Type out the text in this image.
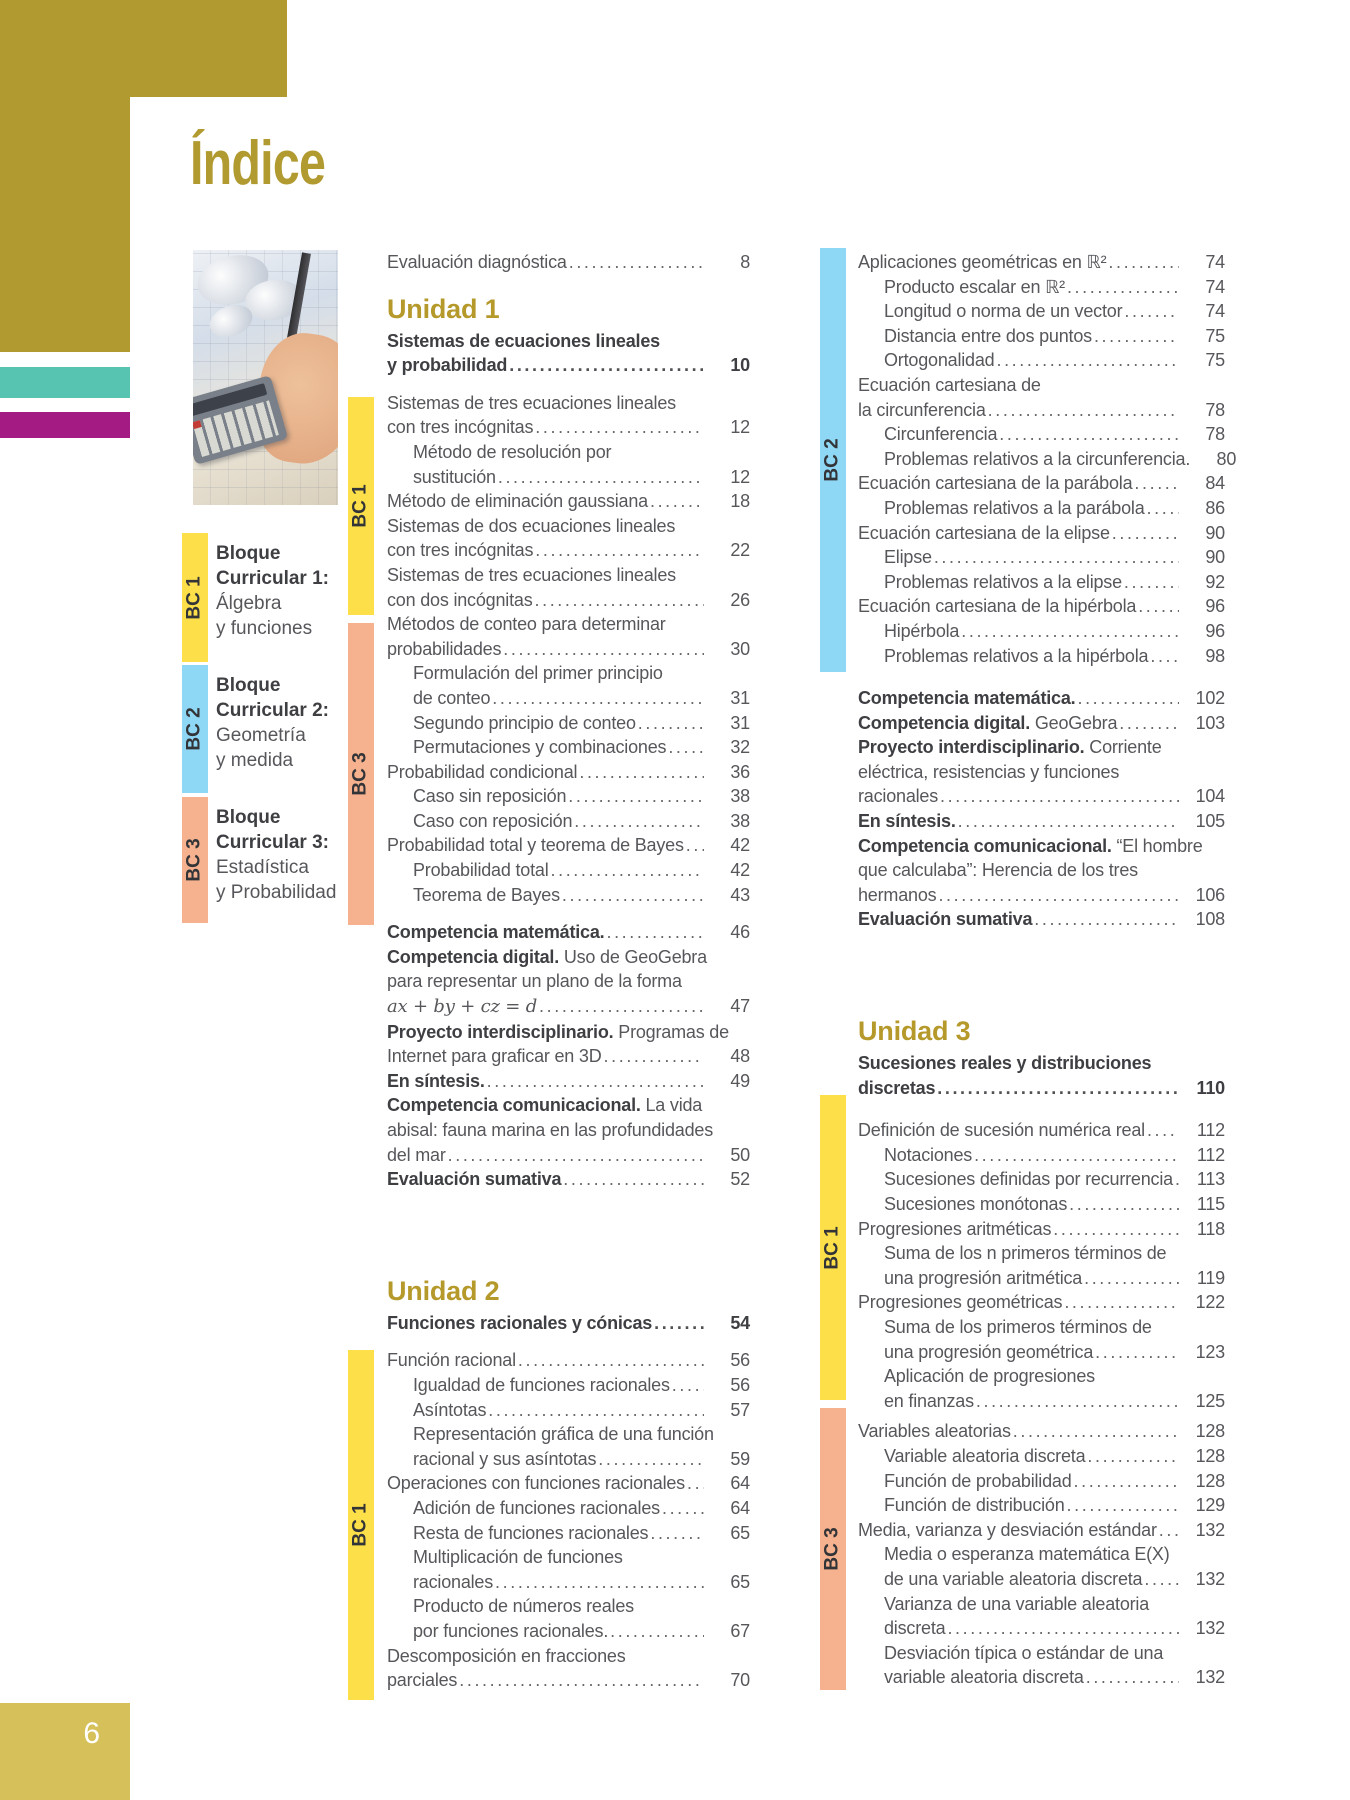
Índice
BC 1
Bloque
Curricular 1:
Álgebra
y funciones
BC 2
Bloque
Curricular 2:
Geometría
y medida
BC 3
Bloque
Curricular 3:
Estadística
y Probabilidad
BC 1
BC 3
BC 1
BC 2
BC 1
BC 3
Evaluación diagnóstica .....	8
Unidad 1
Sistemas de ecuaciones lineales
y probabilidad .....	10
Sistemas de tres ecuaciones lineales
con tres incógnitas .....	12
Método de resolución por
sustitución .....	12
Método de eliminación gaussiana .....	18
Sistemas de dos ecuaciones lineales
con tres incógnitas .....	22
Sistemas de tres ecuaciones lineales
con dos incógnitas .....	26
Métodos de conteo para determinar
probabilidades .....	30
Formulación del primer principio
de conteo .....	31
Segundo principio de conteo .....	31
Permutaciones y combinaciones .....	32
Probabilidad condicional .....	36
Caso sin reposición .....	38
Caso con reposición .....	38
Probabilidad total y teorema de Bayes .....	42
Probabilidad total .....	42
Teorema de Bayes .....	43
Competencia matemática. .....	46
Competencia digital. Uso de GeoGebra
para representar un plano de la forma
ax + by + cz = d .....	47
Proyecto interdisciplinario. Programas de
Internet para graficar en 3D .....	48
En síntesis. .....	49
Competencia comunicacional. La vida
abisal: fauna marina en las profundidades
del mar .....	50
Evaluación sumativa .....	52
Unidad 2
Funciones racionales y cónicas .....	54
Función racional .....	56
Igualdad de funciones racionales .....	56
Asíntotas .....	57
Representación gráfica de una función
racional y sus asíntotas .....	59
Operaciones con funciones racionales .....	64
Adición de funciones racionales .....	64
Resta de funciones racionales .....	65
Multiplicación de funciones
racionales .....	65
Producto de números reales
por funciones racionales. .....	67
Descomposición en fracciones
parciales .....	70
Aplicaciones geométricas en ℝ² .....	74
Producto escalar en ℝ² .....	74
Longitud o norma de un vector .....	74
Distancia entre dos puntos .....	75
Ortogonalidad .....	75
Ecuación cartesiana de
la circunferencia .....	78
Circunferencia .....	78
Problemas relativos a la circunferencia.	80
Ecuación cartesiana de la parábola .....	84
Problemas relativos a la parábola .....	86
Ecuación cartesiana de la elipse .....	90
Elipse .....	90
Problemas relativos a la elipse .....	92
Ecuación cartesiana de la hipérbola .....	96
Hipérbola .....	96
Problemas relativos a la hipérbola .....	98
Competencia matemática. .....	102
Competencia digital. GeoGebra .....	103
Proyecto interdisciplinario. Corriente
eléctrica, resistencias y funciones
racionales .....	104
En síntesis. .....	105
Competencia comunicacional. “El hombre
que calculaba”: Herencia de los tres
hermanos .....	106
Evaluación sumativa .....	108
Unidad 3
Sucesiones reales y distribuciones
discretas .....	110
Definición de sucesión numérica real .....	112
Notaciones .....	112
Sucesiones definidas por recurrencia .....	113
Sucesiones monótonas .....	115
Progresiones aritméticas .....	118
Suma de los n primeros términos de
una progresión aritmética .....	119
Progresiones geométricas .....	122
Suma de los primeros términos de
una progresión geométrica .....	123
Aplicación de progresiones
en finanzas .....	125
Variables aleatorias .....	128
Variable aleatoria discreta .....	128
Función de probabilidad .....	128
Función de distribución .....	129
Media, varianza y desviación estándar .....	132
Media o esperanza matemática E(X)
de una variable aleatoria discreta .....	132
Varianza de una variable aleatoria
discreta .....	132
Desviación típica o estándar de una
variable aleatoria discreta .....	132
6
